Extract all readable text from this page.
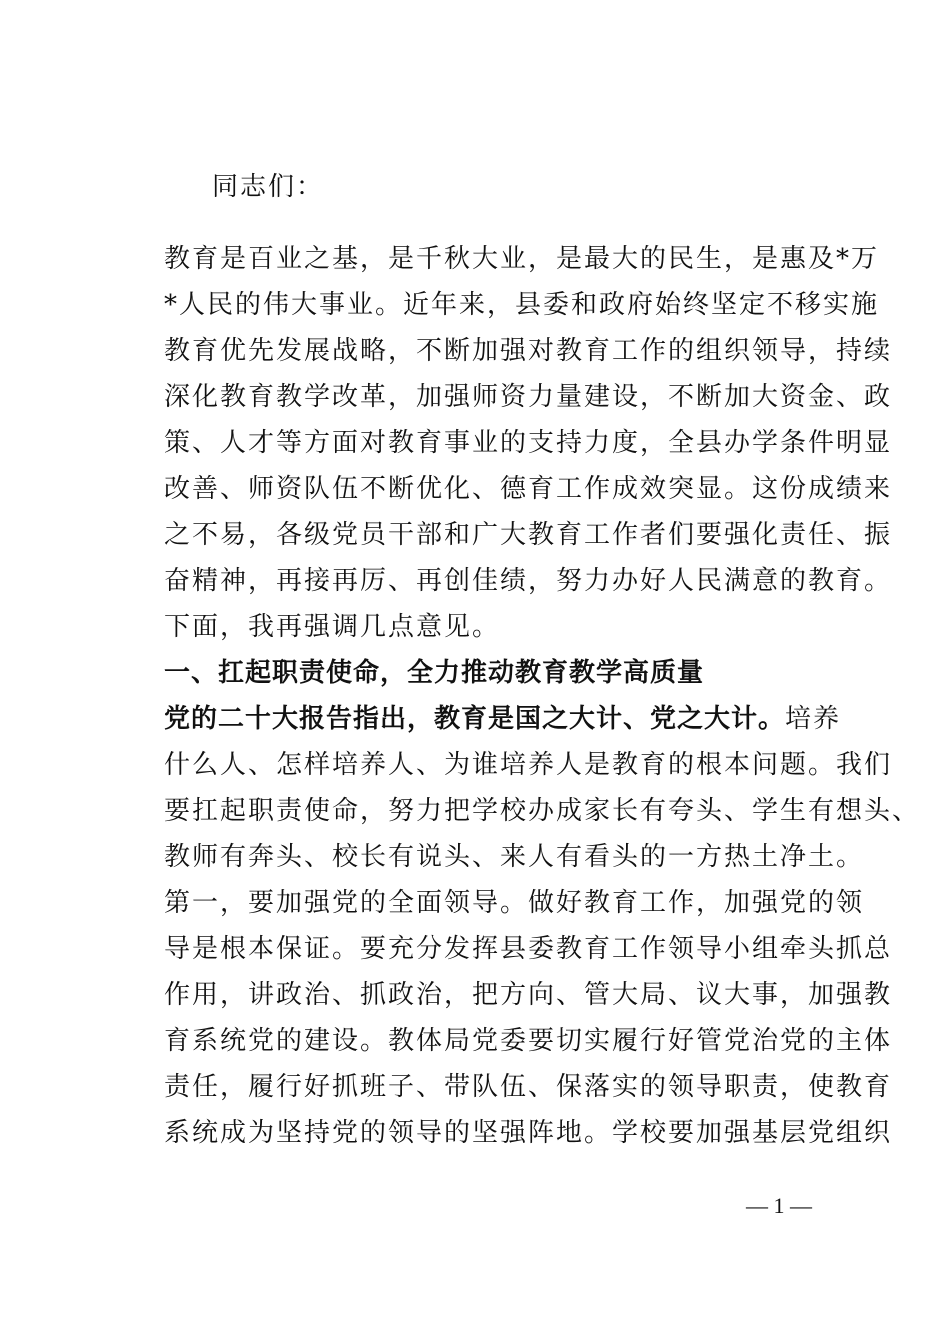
同志们：
教育是百业之基，是千秋大业，是最大的民生，是惠及*万
*人民的伟大事业。近年来，县委和政府始终坚定不移实施
教育优先发展战略，不断加强对教育工作的组织领导，持续
深化教育教学改革，加强师资力量建设，不断加大资金、政
策、人才等方面对教育事业的支持力度，全县办学条件明显
改善、师资队伍不断优化、德育工作成效突显。这份成绩来
之不易，各级党员干部和广大教育工作者们要强化责任、振
奋精神，再接再厉、再创佳绩，努力办好人民满意的教育。
下面，我再强调几点意见。
一、扛起职责使命，全力推动教育教学高质量
党的二十大报告指出，教育是国之大计、党之大计。培养
什么人、怎样培养人、为谁培养人是教育的根本问题。我们
要扛起职责使命，努力把学校办成家长有夸头、学生有想头、
教师有奔头、校长有说头、来人有看头的一方热土净土。
第一，要加强党的全面领导。做好教育工作，加强党的领
导是根本保证。要充分发挥县委教育工作领导小组牵头抓总
作用，讲政治、抓政治，把方向、管大局、议大事，加强教
育系统党的建设。教体局党委要切实履行好管党治党的主体
责任，履行好抓班子、带队伍、保落实的领导职责，使教育
系统成为坚持党的领导的坚强阵地。学校要加强基层党组织
— 1 —
